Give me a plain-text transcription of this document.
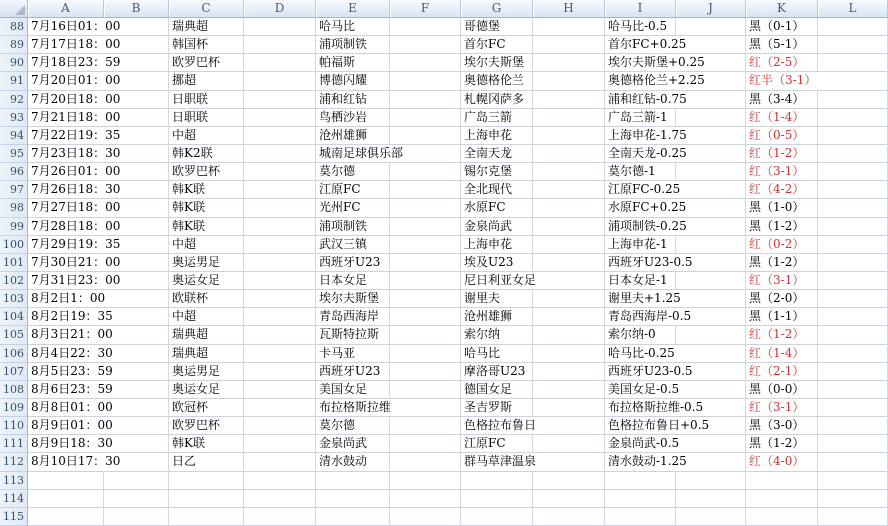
A	B	C	D	E	F	G	H	I	J	K	L
88 7月16日01：00	瑞典超	哈马比	哥德堡	哈马比-0.5	黑（0-1）
89 7月17日18：00	韩国杯	浦项制铁	首尔FC	首尔FC+0.25	黑（5-1）
90 7月18日23：59	欧罗巴杯	帕福斯	埃尔夫斯堡	埃尔夫斯堡+0.25	红（2-5）
91 7月20日01：00	挪超	博德闪耀	奥德格伦兰	奥德格伦兰+2.25	红半（3-1）
92 7月20日18：00	日职联	浦和红钻	札幌冈萨多	浦和红钻-0.75	黑（3-4）
93 7月21日18：00	日职联	鸟栖沙岩	广岛三箭	广岛三箭-1	红（1-4）
94 7月22日19：35	中超	沧州雄狮	上海申花	上海申花-1.75	红（0-5）
95 7月23日18：30	韩K2联	城南足球俱乐部	全南天龙	全南天龙-0.25	红（1-2）
96 7月26日01：00	欧罗巴杯	莫尔德	锡尔克堡	莫尔德-1	红（3-1）
97 7月26日18：30	韩K联	江原FC	全北现代	江原FC-0.25	红（4-2）
98 7月27日18：00	韩K联	光州FC	水原FC	水原FC+0.25	黑（1-0）
99 7月28日18：00	韩K联	浦项制铁	金泉尚武	浦项制铁-0.25	黑（1-2）
100 7月29日19：35	中超	武汉三镇	上海申花	上海申花-1	红（0-2）
101 7月30日21：00	奥运男足	西班牙U23	埃及U23	西班牙U23-0.5	黑（1-2）
102 7月31日23：00	奥运女足	日本女足	尼日利亚女足	日本女足-1	红（3-1）
103 8月2日1：00	欧联杯	埃尔夫斯堡	谢里夫	谢里夫+1.25	黑（2-0）
104 8月2日19：35	中超	青岛西海岸	沧州雄狮	青岛西海岸-0.5	黑（1-1）
105 8月3日21：00	瑞典超	瓦斯特拉斯	索尔纳	索尔纳-0	红（1-2）
106 8月4日22：30	瑞典超	卡马亚	哈马比	哈马比-0.25	红（1-4）
107 8月5日23：59	奥运男足	西班牙U23	摩洛哥U23	西班牙U23-0.5	红（2-1）
108 8月6日23：59	奥运女足	美国女足	德国女足	美国女足-0.5	黑（0-0）
109 8月8日01：00	欧冠杯	布拉格斯拉维	圣吉罗斯	布拉格斯拉维-0.5	红（3-1）
110 8月9日01：00	欧罗巴杯	莫尔德	色格拉布鲁日	色格拉布鲁日+0.5	黑（3-0）
111 8月9日18：30	韩K联	金泉尚武	江原FC	金泉尚武-0.5	黑（1-2）
112 8月10日17：30	日乙	清水鼓动	群马草津温泉	清水鼓动-1.25	红（4-0）
113
114
115
